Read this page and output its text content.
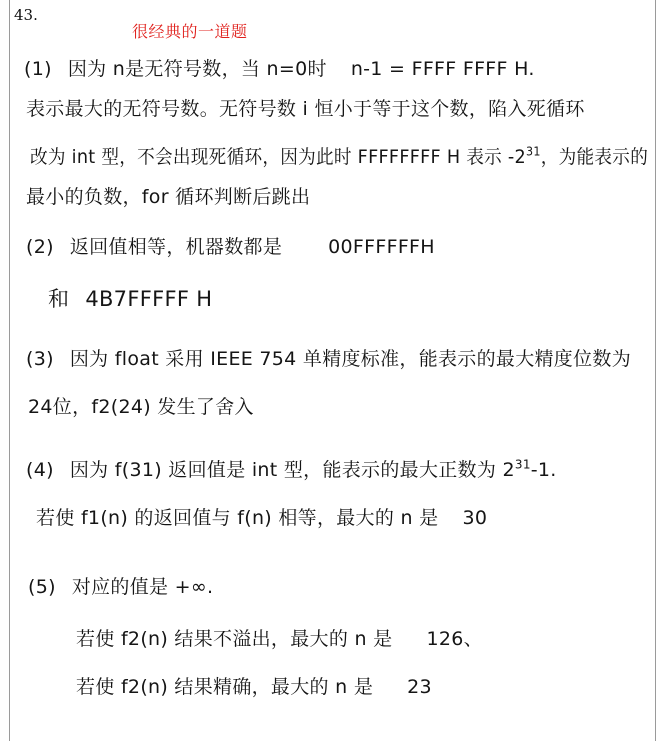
43.
很经典的一道题
(1) 因为 n是无符号数，当 n=0时 n-1 = FFFF FFFF H.
表示最大的无符号数。无符号数 i 恒小于等于这个数，陷入死循环
改为 int 型，不会出现死循环，因为此时 FFFFFFFF H 表示 $-2^{31}$，为能表示的
最小的负数，for 循环判断后跳出
(2) 返回值相等，机器数都是 00FFFFFFH
和 4B7FFFFF H
(3) 因为 float 采用 IEEE 754 单精度标准，能表示的最大精度位数为
24位，f2(24) 发生了舍入
(4) 因为 f(31) 返回值是 int 型，能表示的最大正数为 $2^{31}-1$.
若使 f1(n) 的返回值与 f(n) 相等，最大的 n 是 30
(5) 对应的值是 +∞.
若使 f2(n) 结果不溢出，最大的 n 是 126、
若使 f2(n) 结果精确，最大的 n 是 23
